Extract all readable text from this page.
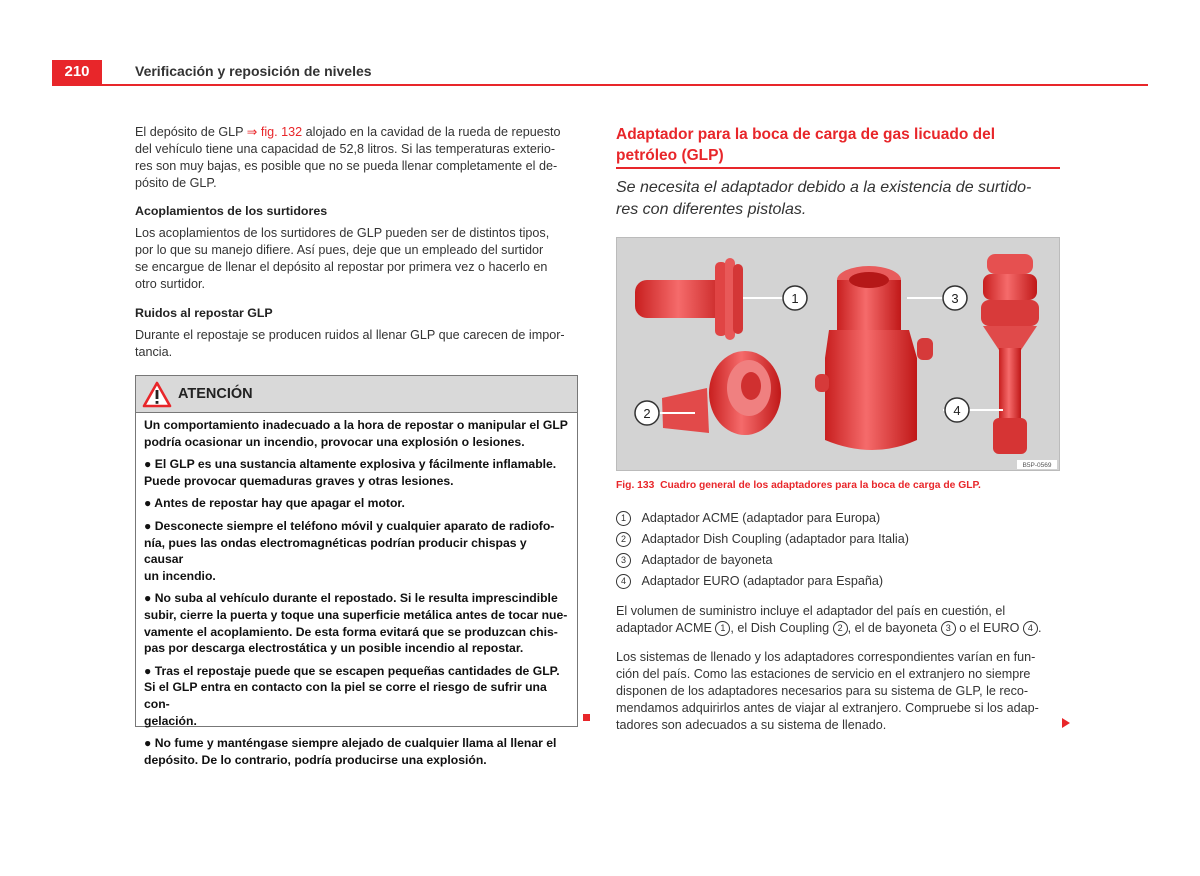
210	Verificación y reposición de niveles
El depósito de GLP ⇒ fig. 132 alojado en la cavidad de la rueda de repuesto
del vehículo tiene una capacidad de 52,8 litros. Si las temperaturas exterio-
res son muy bajas, es posible que no se pueda llenar completamente el de-
pósito de GLP.
Acoplamientos de los surtidores
Los acoplamientos de los surtidores de GLP pueden ser de distintos tipos,
por lo que su manejo difiere. Así pues, deje que un empleado del surtidor
se encargue de llenar el depósito al repostar por primera vez o hacerlo en
otro surtidor.
Ruidos al repostar GLP
Durante el repostaje se producen ruidos al llenar GLP que carecen de impor-
tancia.
ATENCIÓN

Un comportamiento inadecuado a la hora de repostar o manipular el GLP
podría ocasionar un incendio, provocar una explosión o lesiones.

● El GLP es una sustancia altamente explosiva y fácilmente inflamable.
Puede provocar quemaduras graves y otras lesiones.

● Antes de repostar hay que apagar el motor.

● Desconecte siempre el teléfono móvil y cualquier aparato de radiofo-
nía, pues las ondas electromagnéticas podrían producir chispas y causar
un incendio.

● No suba al vehículo durante el repostado. Si le resulta imprescindible
subir, cierre la puerta y toque una superficie metálica antes de tocar nue-
vamente el acoplamiento. De esta forma evitará que se produzcan chis-
pas por descarga electrostática y un posible incendio al repostar.

● Tras el repostaje puede que se escapen pequeñas cantidades de GLP.
Si el GLP entra en contacto con la piel se corre el riesgo de sufrir una con-
gelación.

● No fume y manténgase siempre alejado de cualquier llama al llenar el
depósito. De lo contrario, podría producirse una explosión.

Adaptador para la boca de carga de gas licuado del
petróleo (GLP)
Se necesita el adaptador debido a la existencia de surtido-
res con diferentes pistolas.
1
2
3
4
B5P-0569
Fig. 133 Cuadro general de los adaptadores para la boca de carga de GLP.
1 Adaptador ACME (adaptador para Europa)
2 Adaptador Dish Coupling (adaptador para Italia)
3 Adaptador de bayoneta
4 Adaptador EURO (adaptador para España)
El volumen de suministro incluye el adaptador del país en cuestión, el
adaptador ACME 1 , el Dish Coupling 2 , el de bayoneta 3 o el EURO 4 .
Los sistemas de llenado y los adaptadores correspondientes varían en fun-
ción del país. Como las estaciones de servicio en el extranjero no siempre
disponen de los adaptadores necesarios para su sistema de GLP, le reco-
mendamos adquirirlos antes de viajar al extranjero. Compruebe si los adap-
tadores son adecuados a su sistema de llenado.
